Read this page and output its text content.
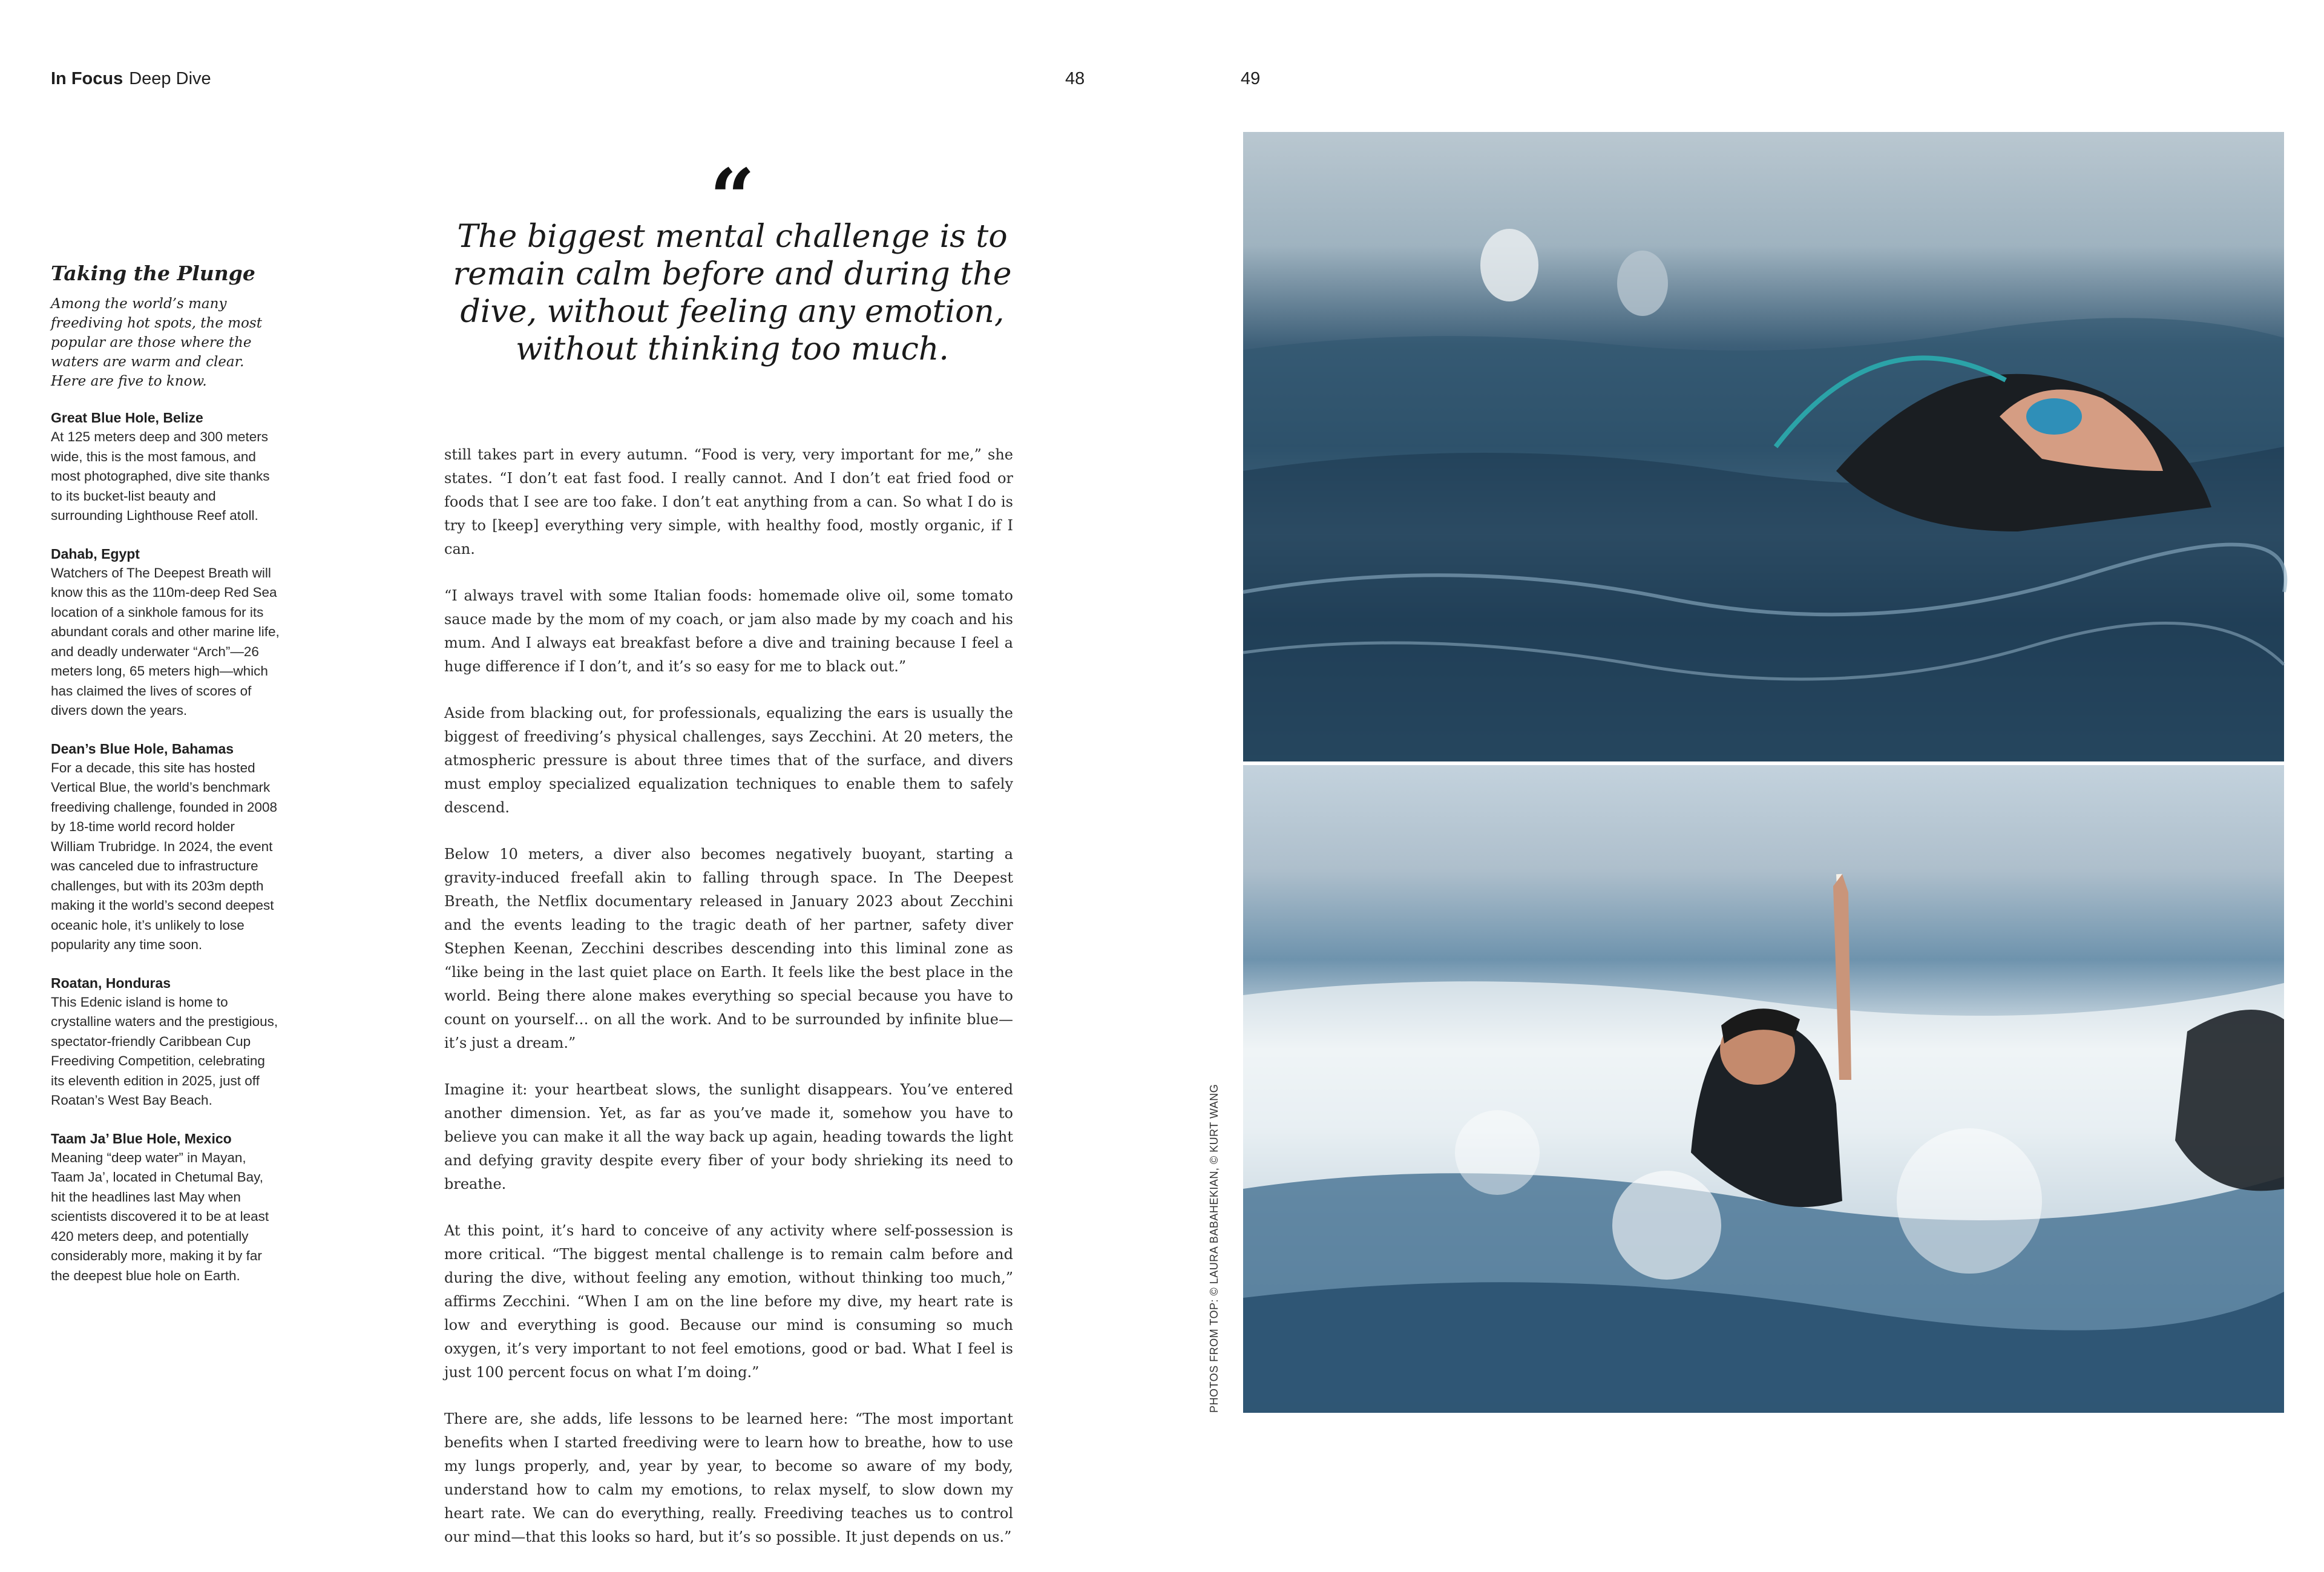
In Focus Deep Dive	48	49
Taking the Plunge

Among the world’s many freediving hot spots, the most popular are those where the waters are warm and clear. Here are five to know.

Great Blue Hole, Belize
At 125 meters deep and 300 meters wide, this is the most famous, and most photographed, dive site thanks to its bucket-list beauty and surrounding Lighthouse Reef atoll.
Dahab, Egypt
Watchers of The Deepest Breath will know this as the 110m-deep Red Sea location of a sinkhole famous for its abundant corals and other marine life, and deadly underwater “Arch”—26 meters long, 65 meters high—which has claimed the lives of scores of divers down the years.
Dean’s Blue Hole, Bahamas
For a decade, this site has hosted Vertical Blue, the world’s benchmark freediving challenge, founded in 2008 by 18-time world record holder William Trubridge. In 2024, the event was canceled due to infrastructure challenges, but with its 203m depth making it the world’s second deepest oceanic hole, it’s unlikely to lose popularity any time soon.
Roatan, Honduras
This Edenic island is home to crystalline waters and the prestigious, spectator-friendly Caribbean Cup Freediving Competition, celebrating its eleventh edition in 2025, just off Roatan’s West Bay Beach.
Taam Ja’ Blue Hole, Mexico
Meaning “deep water” in Mayan, Taam Ja’, located in Chetumal Bay, hit the headlines last May when scientists discovered it to be at least 420 meters deep, and potentially considerably more, making it by far the deepest blue hole on Earth.
“
The biggest mental challenge is to remain calm before and during the dive, without feeling any emotion, without thinking too much.

still takes part in every autumn. “Food is very, very important for me,” she states. “I don’t eat fast food. I really cannot. And I don’t eat fried food or foods that I see are too fake. I don’t eat anything from a can. So what I do is try to [keep] everything very simple, with healthy food, mostly organic, if I can.

“I always travel with some Italian foods: homemade olive oil, some tomato sauce made by the mom of my coach, or jam also made by my coach and his mum. And I always eat breakfast before a dive and training because I feel a huge difference if I don’t, and it’s so easy for me to black out.”

Aside from blacking out, for professionals, equalizing the ears is usually the biggest of freediving’s physical challenges, says Zecchini. At 20 meters, the atmospheric pressure is about three times that of the surface, and divers must employ specialized equalization techniques to enable them to safely descend.

Below 10 meters, a diver also becomes negatively buoyant, starting a gravity-induced freefall akin to falling through space. In The Deepest Breath, the Netflix documentary released in January 2023 about Zecchini and the events leading to the tragic death of her partner, safety diver Stephen Keenan, Zecchini describes descending into this liminal zone as “like being in the last quiet place on Earth. It feels like the best place in the world. Being there alone makes everything so special because you have to count on yourself… on all the work. And to be surrounded by infinite blue—it’s just a dream.”

Imagine it: your heartbeat slows, the sunlight disappears. You’ve entered another dimension. Yet, as far as you’ve made it, somehow you have to believe you can make it all the way back up again, heading towards the light and defying gravity despite every fiber of your body shrieking its need to breathe.

At this point, it’s hard to conceive of any activity where self-possession is more critical. “The biggest mental challenge is to remain calm before and during the dive, without feeling any emotion, without thinking too much,” affirms Zecchini. “When I am on the line before my dive, my heart rate is low and everything is good. Because our mind is consuming so much oxygen, it’s very important to not feel emotions, good or bad. What I feel is just 100 percent focus on what I’m doing.”

There are, she adds, life lessons to be learned here: “The most important benefits when I started freediving were to learn how to breathe, how to use my lungs properly, and, year by year, to become so aware of my body, understand how to calm my emotions, to relax myself, to slow down my heart rate. We can do everything, really. Freediving teaches us to control our mind—that this looks so hard, but it’s so possible. It just depends on us.”

PHOTOS FROM TOP: © LAURA BABAHEKIAN, © KURT WANG
